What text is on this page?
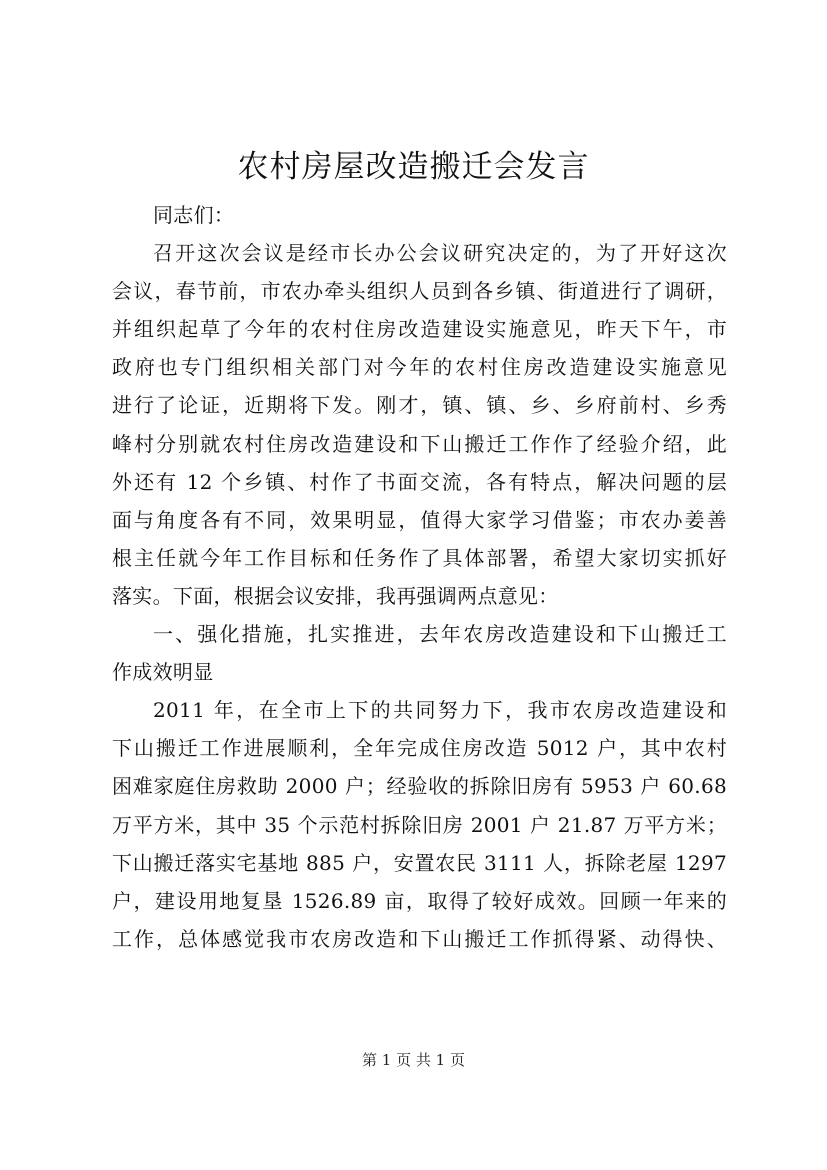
农村房屋改造搬迁会发言
同志们：
召开这次会议是经市长办公会议研究决定的，为了开好这次
会议，春节前，市农办牵头组织人员到各乡镇、街道进行了调研，
并组织起草了今年的农村住房改造建设实施意见，昨天下午，市
政府也专门组织相关部门对今年的农村住房改造建设实施意见
进行了论证，近期将下发。刚才，镇、镇、乡、乡府前村、乡秀
峰村分别就农村住房改造建设和下山搬迁工作作了经验介绍，此
外还有 12 个乡镇、村作了书面交流，各有特点，解决问题的层
面与角度各有不同，效果明显，值得大家学习借鉴；市农办姜善
根主任就今年工作目标和任务作了具体部署，希望大家切实抓好
落实。下面，根据会议安排，我再强调两点意见：
一、强化措施，扎实推进，去年农房改造建设和下山搬迁工
作成效明显
2011 年，在全市上下的共同努力下，我市农房改造建设和
下山搬迁工作进展顺利，全年完成住房改造 5012 户，其中农村
困难家庭住房救助 2000 户；经验收的拆除旧房有 5953 户 60.68
万平方米，其中 35 个示范村拆除旧房 2001 户 21.87 万平方米；
下山搬迁落实宅基地 885 户，安置农民 3111 人，拆除老屋 1297
户，建设用地复垦 1526.89 亩，取得了较好成效。回顾一年来的
工作，总体感觉我市农房改造和下山搬迁工作抓得紧、动得快、
第 1 页 共 1 页
